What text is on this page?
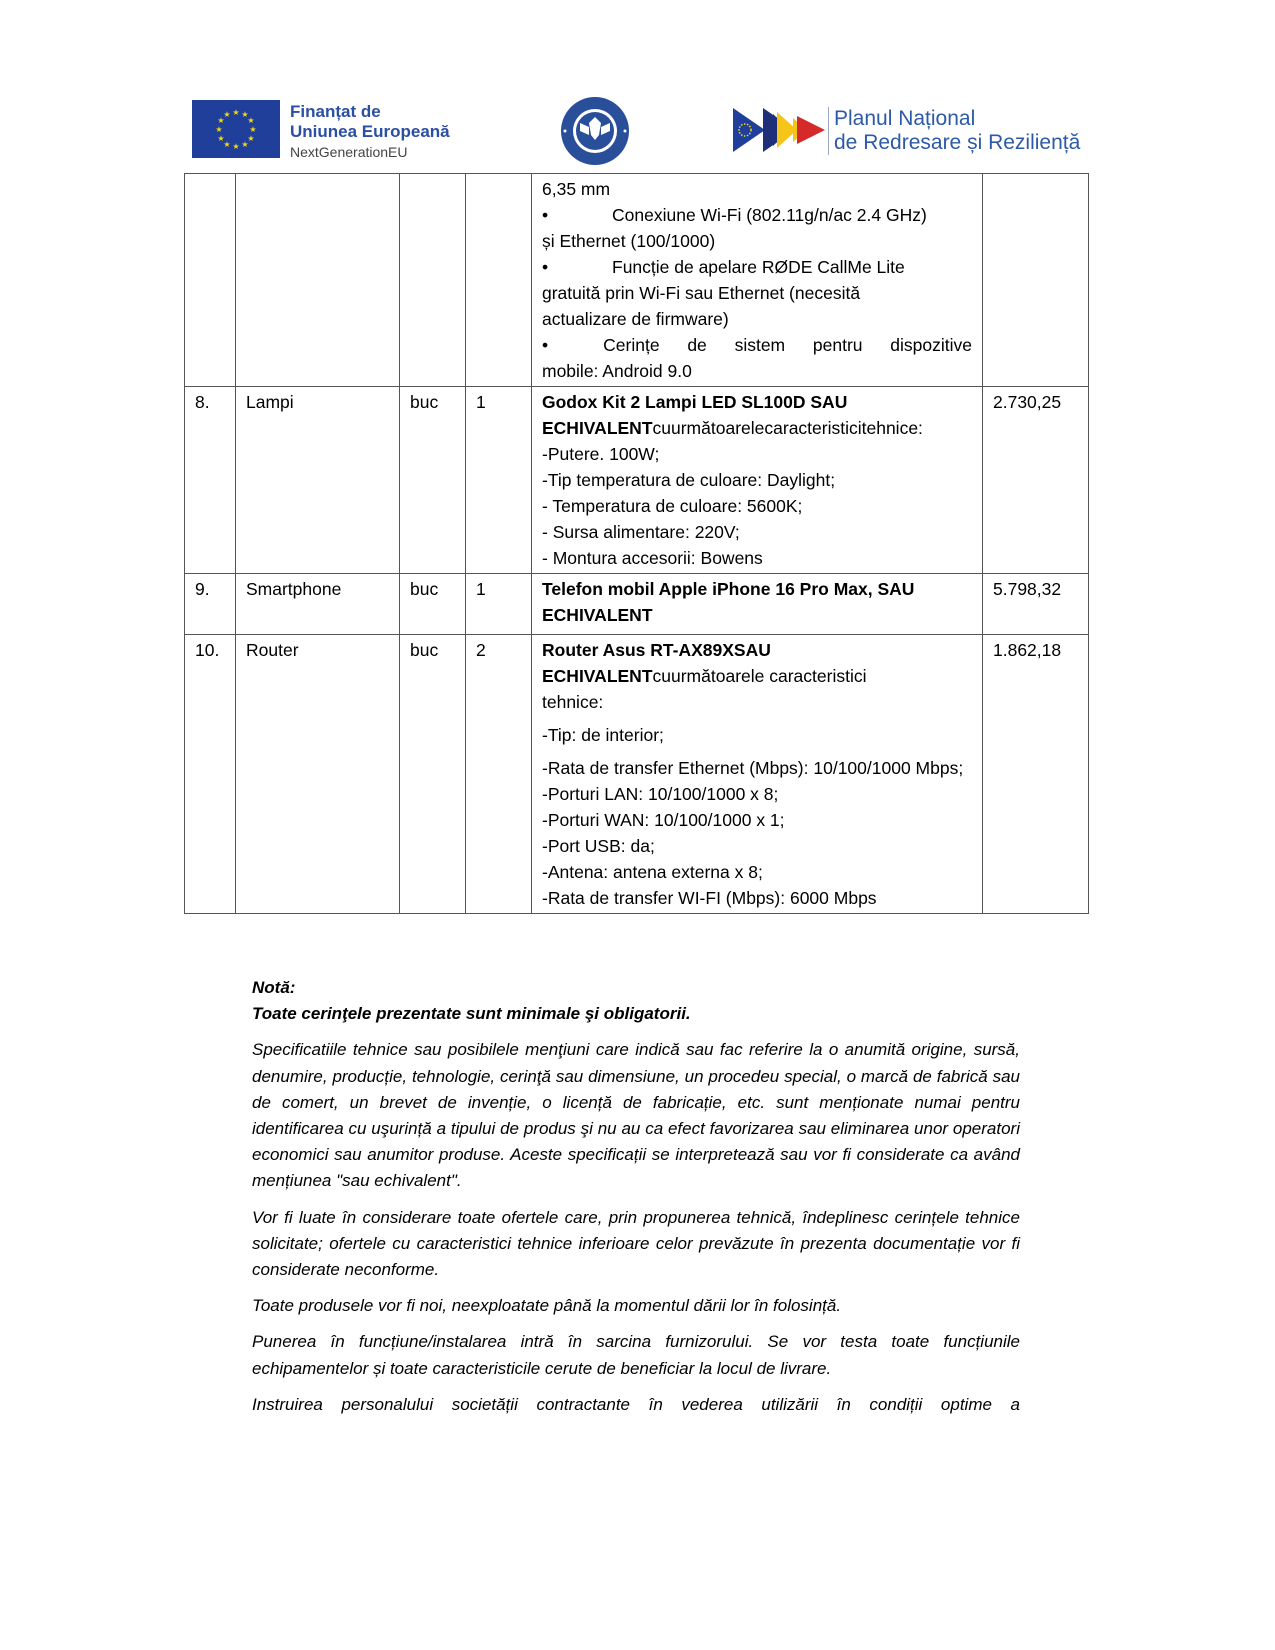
★ ★
★
★
★
★
★
★
★
★
★
★	Finanțat de
Uniunea Europeană
NextGenerationEU
Planul Național
de Redresare și Reziliență

6,35 mm

•	Conexiune Wi-Fi (802.11g/n/ac 2.4 GHz)

și Ethernet (100/1000)

•	Funcție de apelare RØDE CallMe Lite

gratuită prin Wi-Fi sau Ethernet (necesită

actualizare de firmware)

•	Cerințe de sistem pentru dispozitive

mobile: Android 9.0

8.	Lampi	buc	1	Godox Kit 2 Lampi LED SL100D SAU

ECHIVALENTcuurmătoarelecaracteristicitehnice:

-Putere. 100W;

-Tip temperatura de culoare: Daylight;

- Temperatura de culoare: 5600K;

- Sursa alimentare: 220V;

- Montura accesorii: Bowens

	2.730,25
9.	Smartphone	buc	1	Telefon mobil Apple iPhone 16 Pro Max, SAU

ECHIVALENT	5.798,32
10.	Router	buc	2	Router Asus RT-AX89XSAU

ECHIVALENTcuurmătoarele caracteristici

tehnice:

-Tip: de interior;

-Rata de transfer Ethernet (Mbps): 10/100/1000 Mbps;

-Porturi LAN: 10/100/1000 x 8;

-Porturi WAN: 10/100/1000 x 1;

-Port USB: da;

-Antena: antena externa x 8;

-Rata de transfer WI-FI (Mbps): 6000 Mbps

	1.862,18

Notă:

Toate cerinţele prezentate sunt minimale şi obligatorii.

Specificatiile tehnice sau posibilele menţiuni care indică sau fac referire la o anumită origine, sursă, denumire, producție, tehnologie, cerinţă sau dimensiune, un procedeu special, o marcă de fabrică sau de comert, un brevet de invenție, o licență de fabricație, etc. sunt menționate numai pentru identificarea cu uşurință a tipului de produs şi nu au ca efect favorizarea sau eliminarea unor operatori economici sau anumitor produse. Aceste specificații se interpretează sau vor fi considerate ca având mențiunea "sau echivalent".

Vor fi luate în considerare toate ofertele care, prin propunerea tehnică, îndeplinesc cerințele tehnice solicitate; ofertele cu caracteristici tehnice inferioare celor prevăzute în prezenta documentație vor fi considerate neconforme.

Toate produsele vor fi noi, neexploatate până la momentul dării lor în folosință.

Punerea în funcțiune/instalarea intră în sarcina furnizorului. Se vor testa toate funcțiunile echipamentelor și toate caracteristicile cerute de beneficiar la locul de livrare.

Instruirea personalului societății contractante în vederea utilizării în condiții optime a
